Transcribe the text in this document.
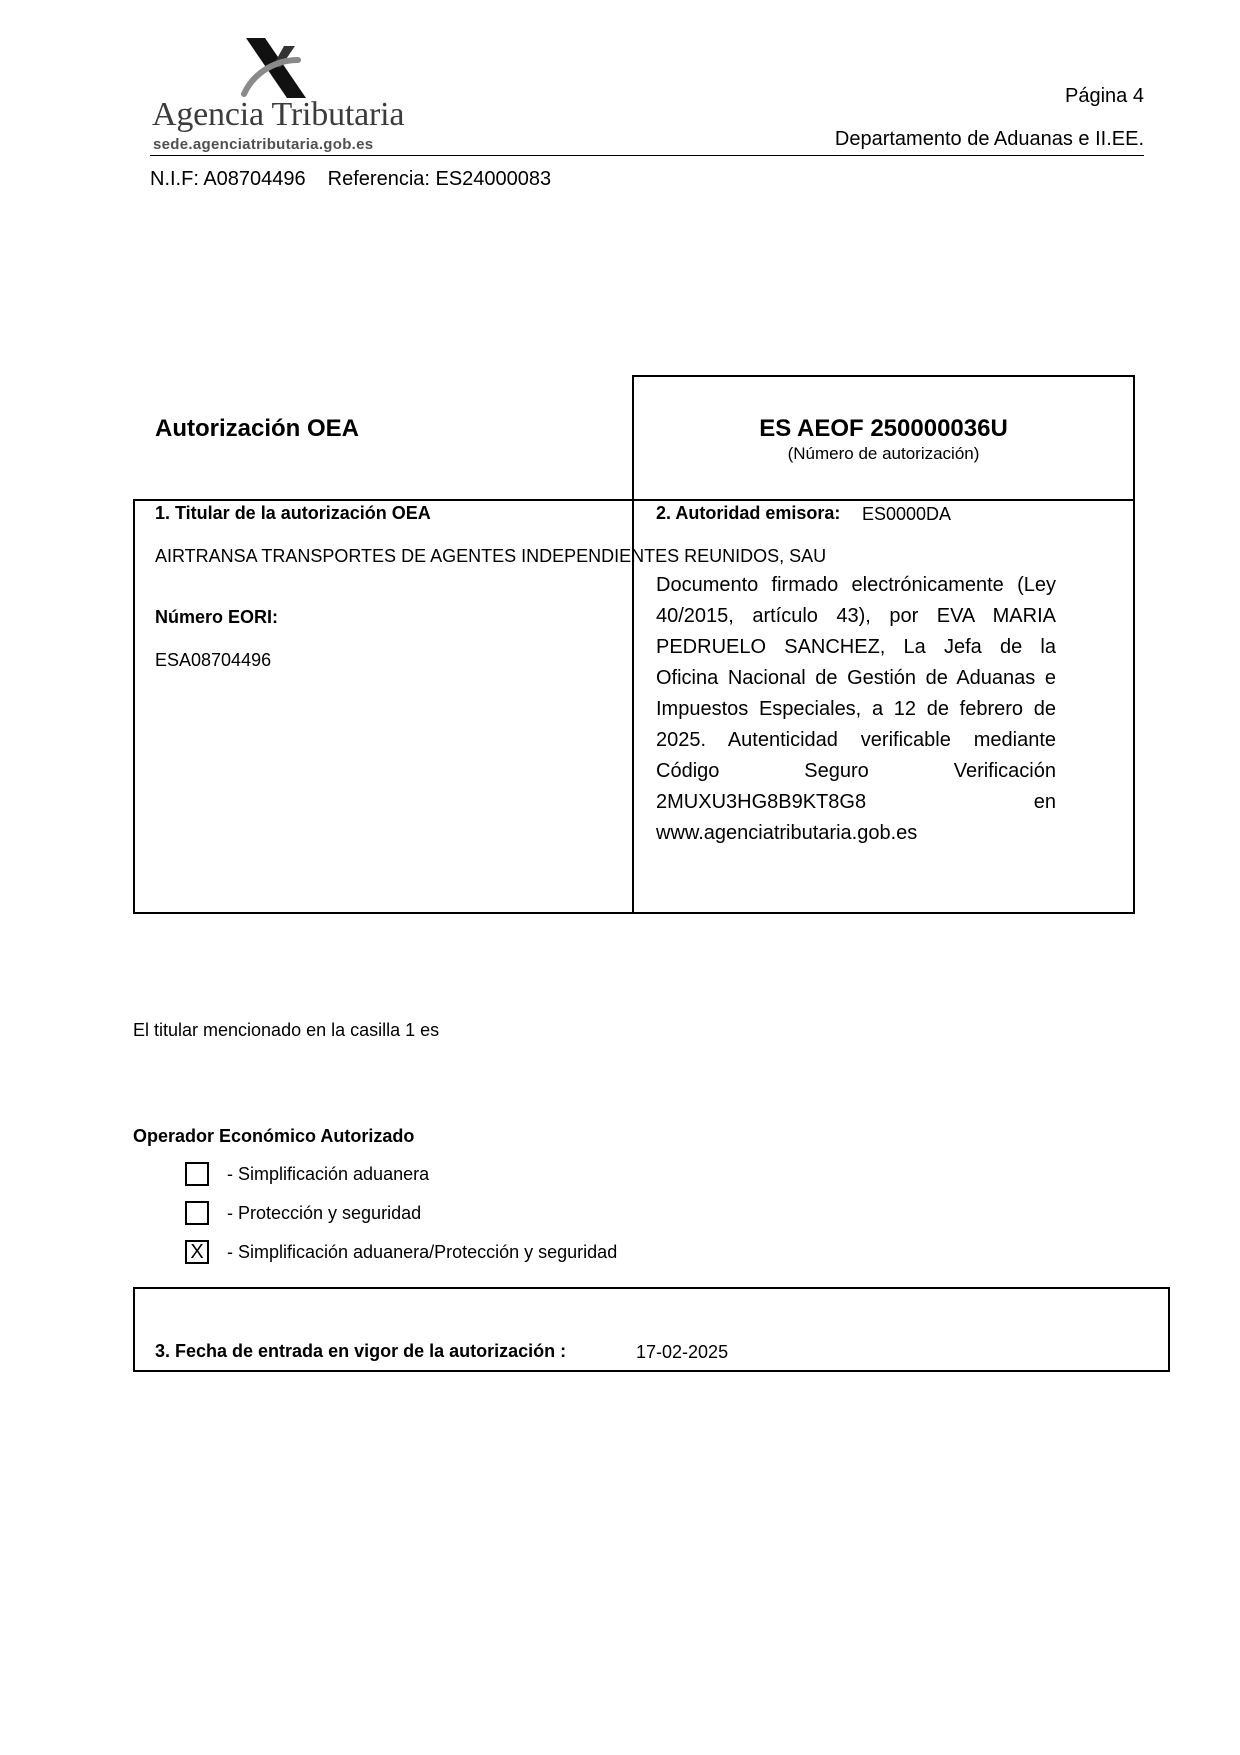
Agencia Tributaria
sede.agenciatributaria.gob.es
Página 4
Departamento de Aduanas e II.EE.
N.I.F: A08704496 Referencia: ES24000083
Autorización OEA	ES AEOF 250000036U
(Número de autorización)
1. Titular de la autorización OEA	2. Autoridad emisora: ES0000DA
AIRTRANSA TRANSPORTES DE AGENTES INDEPENDIENTES REUNIDOS, SAU
Número EORI:
ESA08704496
Documento firmado electrónicamente (Ley 40/2015, artículo 43), por EVA MARIA PEDRUELO SANCHEZ, La Jefa de la Oficina Nacional de Gestión de Aduanas e Impuestos Especiales, a 12 de febrero de 2025. Autenticidad verificable mediante Código Seguro Verificación 2MUXU3HG8B9KT8G8 en www.agenciatributaria.gob.es
El titular mencionado en la casilla 1 es
Operador Económico Autorizado
- Simplificación aduanera
- Protección y seguridad
X - Simplificación aduanera/Protección y seguridad
3. Fecha de entrada en vigor de la autorización :	17-02-2025
